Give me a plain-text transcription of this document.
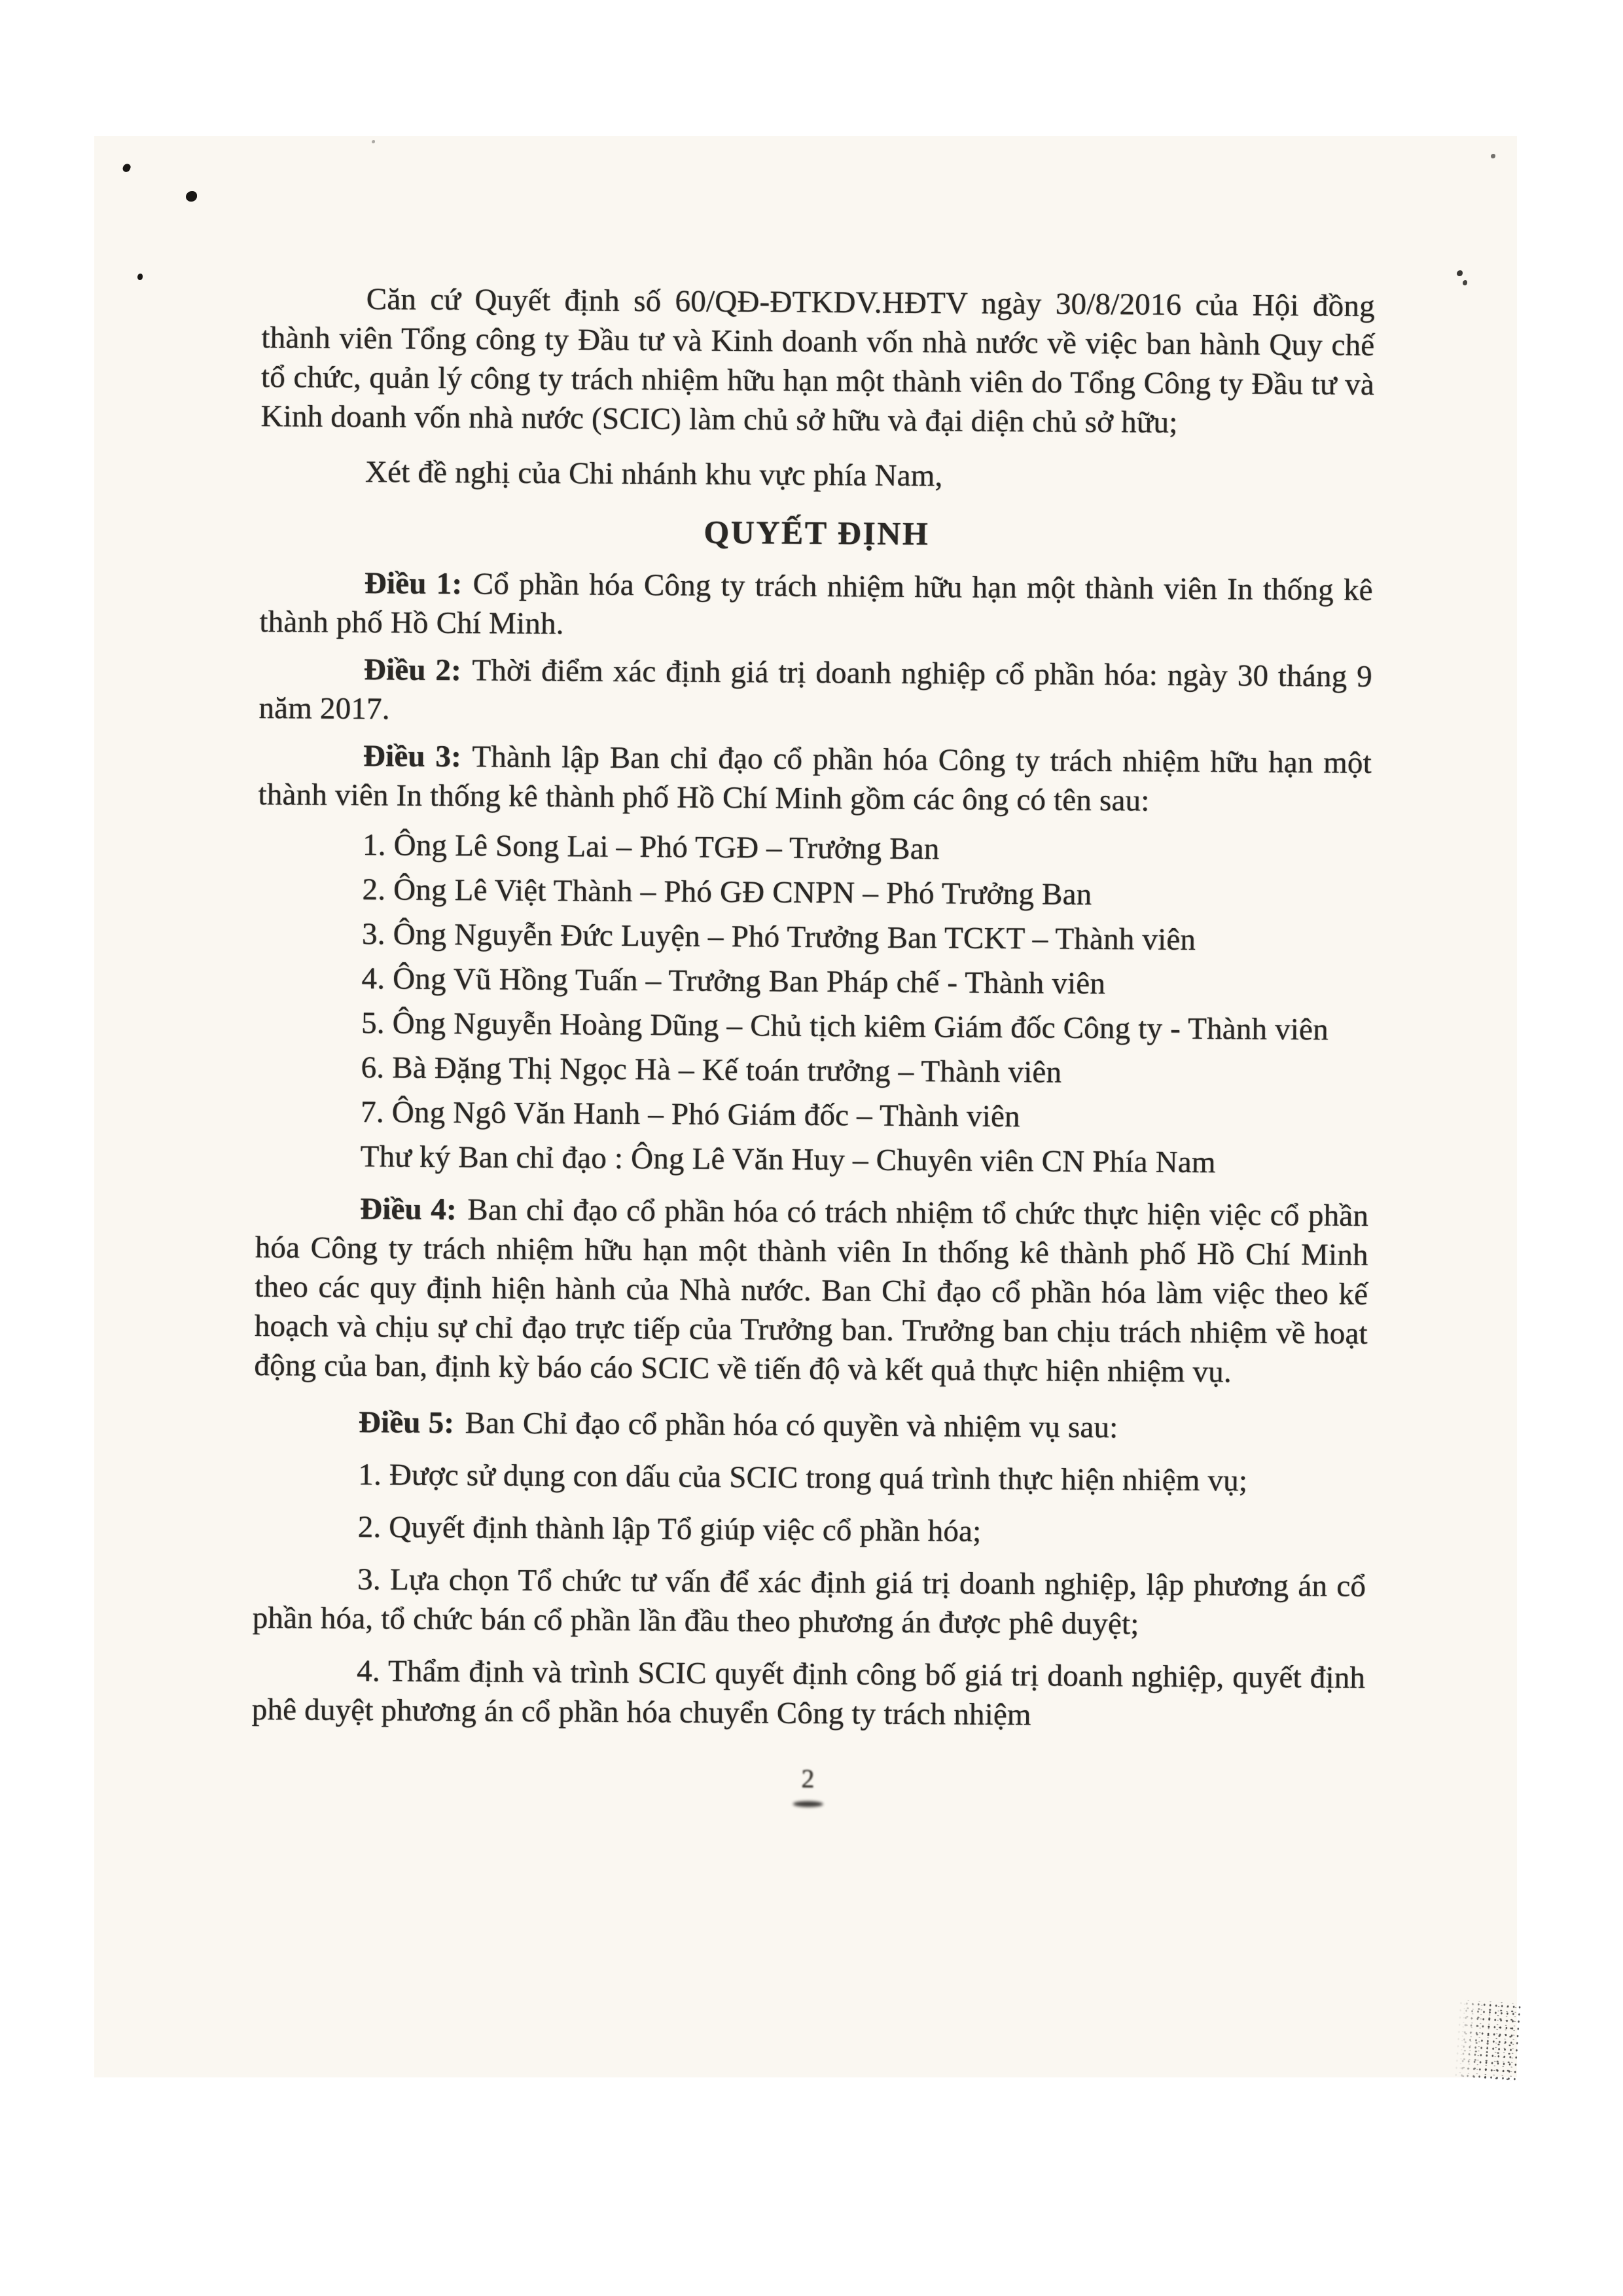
Căn cứ Quyết định số 60/QĐ-ĐTKDV.HĐTV ngày 30/8/2016 của Hội đồng thành viên Tổng công ty Đầu tư và Kinh doanh vốn nhà nước về việc ban hành Quy chế tổ chức, quản lý công ty trách nhiệm hữu hạn một thành viên do Tổng Công ty Đầu tư và Kinh doanh vốn nhà nước (SCIC) làm chủ sở hữu và đại diện chủ sở hữu;

Xét đề nghị của Chi nhánh khu vực phía Nam,

QUYẾT ĐỊNH

Điều 1: Cổ phần hóa Công ty trách nhiệm hữu hạn một thành viên In thống kê thành phố Hồ Chí Minh.

Điều 2: Thời điểm xác định giá trị doanh nghiệp cổ phần hóa: ngày 30 tháng 9 năm 2017.

Điều 3: Thành lập Ban chỉ đạo cổ phần hóa Công ty trách nhiệm hữu hạn một thành viên In thống kê thành phố Hồ Chí Minh gồm các ông có tên sau:

1. Ông Lê Song Lai – Phó TGĐ – Trưởng Ban

2. Ông Lê Việt Thành – Phó GĐ CNPN – Phó Trưởng Ban

3. Ông Nguyễn Đức Luyện – Phó Trưởng Ban TCKT – Thành viên

4. Ông Vũ Hồng Tuấn – Trưởng Ban Pháp chế - Thành viên

5. Ông Nguyễn Hoàng Dũng – Chủ tịch kiêm Giám đốc Công ty - Thành viên

6. Bà Đặng Thị Ngọc Hà – Kế toán trưởng – Thành viên

7. Ông Ngô Văn Hanh – Phó Giám đốc – Thành viên

Thư ký Ban chỉ đạo : Ông Lê Văn Huy – Chuyên viên CN Phía Nam

Điều 4: Ban chỉ đạo cổ phần hóa có trách nhiệm tổ chức thực hiện việc cổ phần hóa Công ty trách nhiệm hữu hạn một thành viên In thống kê thành phố Hồ Chí Minh theo các quy định hiện hành của Nhà nước. Ban Chỉ đạo cổ phần hóa làm việc theo kế hoạch và chịu sự chỉ đạo trực tiếp của Trưởng ban. Trưởng ban chịu trách nhiệm về hoạt động của ban, định kỳ báo cáo SCIC về tiến độ và kết quả thực hiện nhiệm vụ.

Điều 5: Ban Chỉ đạo cổ phần hóa có quyền và nhiệm vụ sau:

1. Được sử dụng con dấu của SCIC trong quá trình thực hiện nhiệm vụ;

2. Quyết định thành lập Tổ giúp việc cổ phần hóa;

3. Lựa chọn Tổ chức tư vấn để xác định giá trị doanh nghiệp, lập phương án cổ phần hóa, tổ chức bán cổ phần lần đầu theo phương án được phê duyệt;

4. Thẩm định và trình SCIC quyết định công bố giá trị doanh nghiệp, quyết định phê duyệt phương án cổ phần hóa chuyển Công ty trách nhiệm

2
